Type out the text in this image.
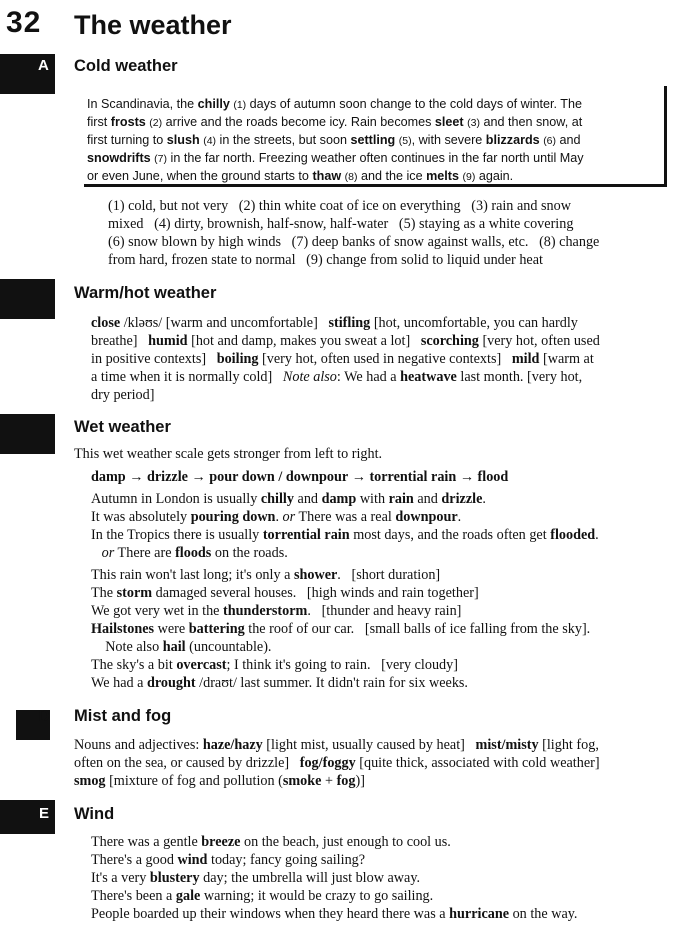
32 The weather
A Cold weather
In Scandinavia, the chilly (1) days of autumn soon change to the cold days of winter. The
first frosts (2) arrive and the roads become icy. Rain becomes sleet (3) and then snow, at
first turning to slush (4) in the streets, but soon settling (5), with severe blizzards (6) and
snowdrifts (7) in the far north. Freezing weather often continues in the far north until May
or even June, when the ground starts to thaw (8) and the ice melts (9) again.
(1) cold, but not very   (2) thin white coat of ice on everything   (3) rain and snow
mixed   (4) dirty, brownish, half-snow, half-water   (5) staying as a white covering
(6) snow blown by high winds   (7) deep banks of snow against walls, etc.   (8) change
from hard, frozen state to normal   (9) change from solid to liquid under heat
Warm/hot weather
close /kləʊs/ [warm and uncomfortable]   stifling [hot, uncomfortable, you can hardly
breathe]   humid [hot and damp, makes you sweat a lot]   scorching [very hot, often used
in positive contexts]   boiling [very hot, often used in negative contexts]   mild [warm at
a time when it is normally cold]   Note also: We had a heatwave last month. [very hot,
dry period]
Wet weather
This wet weather scale gets stronger from left to right.
damp → drizzle → pour down / downpour → torrential rain → flood
Autumn in London is usually chilly and damp with rain and drizzle.
It was absolutely pouring down. or There was a real downpour.
In the Tropics there is usually torrential rain most days, and the roads often get flooded.
or There are floods on the roads.
This rain won't last long; it's only a shower.   [short duration]
The storm damaged several houses.   [high winds and rain together]
We got very wet in the thunderstorm.   [thunder and heavy rain]
Hailstones were battering the roof of our car.   [small balls of ice falling from the sky].
Note also hail (uncountable).
The sky's a bit overcast; I think it's going to rain.   [very cloudy]
We had a drought /draʊt/ last summer. It didn't rain for six weeks.
D Mist and fog
Nouns and adjectives: haze/hazy [light mist, usually caused by heat]   mist/misty [light fog,
often on the sea, or caused by drizzle]   fog/foggy [quite thick, associated with cold weather]
smog [mixture of fog and pollution (smoke + fog)]
E Wind
There was a gentle breeze on the beach, just enough to cool us.
There's a good wind today; fancy going sailing?
It's a very blustery day; the umbrella will just blow away.
There's been a gale warning; it would be crazy to go sailing.
People boarded up their windows when they heard there was a hurricane on the way.
